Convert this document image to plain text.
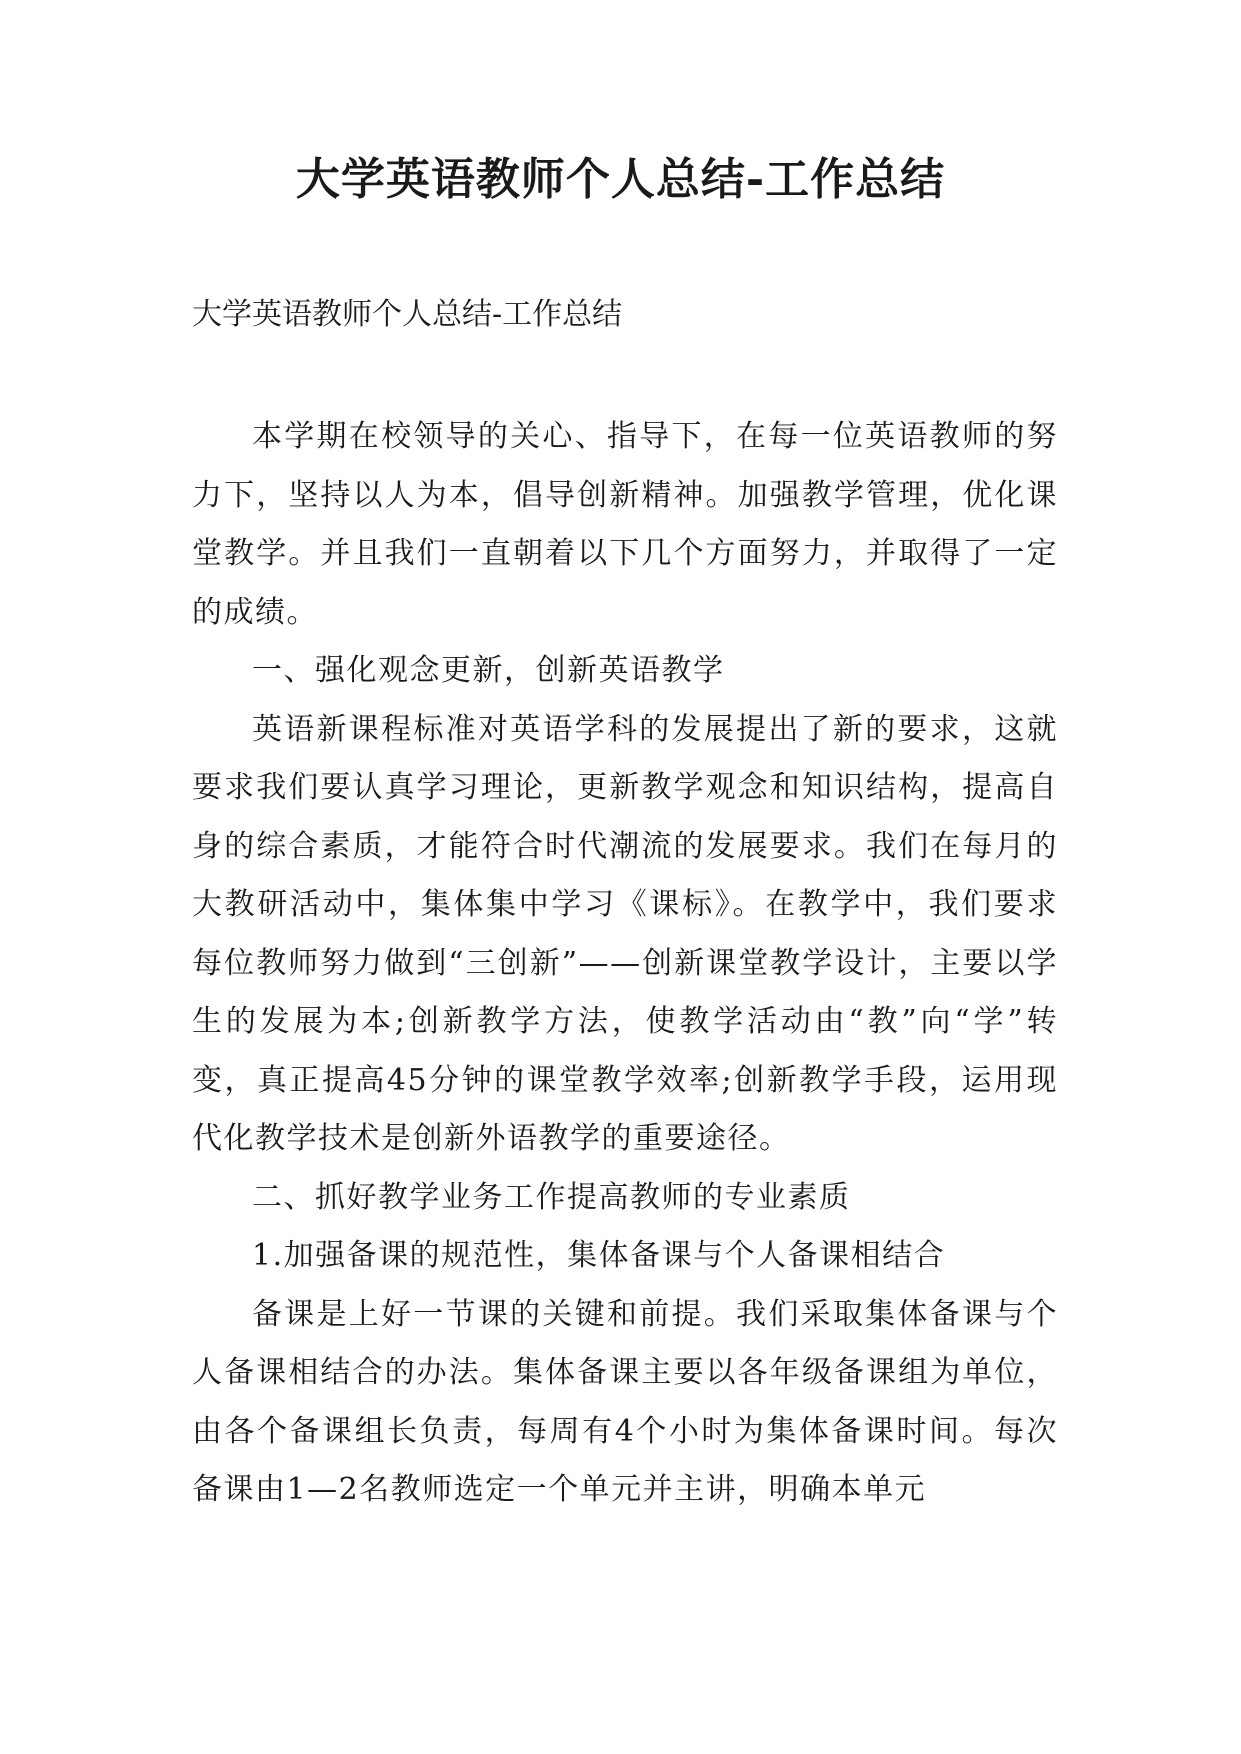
大学英语教师个人总结-工作总结

大学英语教师个人总结-工作总结

本学期在校领导的关心、指导下，在每一位英语教师的努力下，坚持以人为本，倡导创新精神。加强教学管理，优化课堂教学。并且我们一直朝着以下几个方面努力，并取得了一定的成绩。

一、强化观念更新，创新英语教学

英语新课程标准对英语学科的发展提出了新的要求，这就要求我们要认真学习理论，更新教学观念和知识结构，提高自身的综合素质，才能符合时代潮流的发展要求。我们在每月的大教研活动中，集体集中学习《课标》。在教学中，我们要求每位教师努力做到“三创新”——创新课堂教学设计，主要以学生的发展为本;创新教学方法，使教学活动由“教”向“学”转变，真正提高45分钟的课堂教学效率;创新教学手段，运用现代化教学技术是创新外语教学的重要途径。

二、抓好教学业务工作提高教师的专业素质

1.加强备课的规范性，集体备课与个人备课相结合

备课是上好一节课的关键和前提。我们采取集体备课与个人备课相结合的办法。集体备课主要以各年级备课组为单位，由各个备课组长负责，每周有4个小时为集体备课时间。每次备课由1—2名教师选定一个单元并主讲，明确本单元
